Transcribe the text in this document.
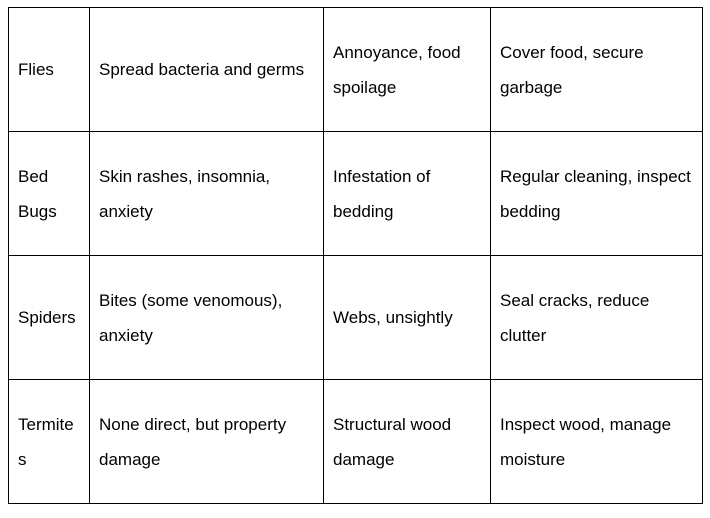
Flies	Spread bacteria and germs	Annoyance, food spoilage	Cover food, secure garbage
Bed Bugs	Skin rashes, insomnia, anxiety	Infestation of bedding	Regular cleaning, inspect bedding
Spiders	Bites (some venomous), anxiety	Webs, unsightly	Seal cracks, reduce clutter
Termites	None direct, but property damage	Structural wood damage	Inspect wood, manage moisture
